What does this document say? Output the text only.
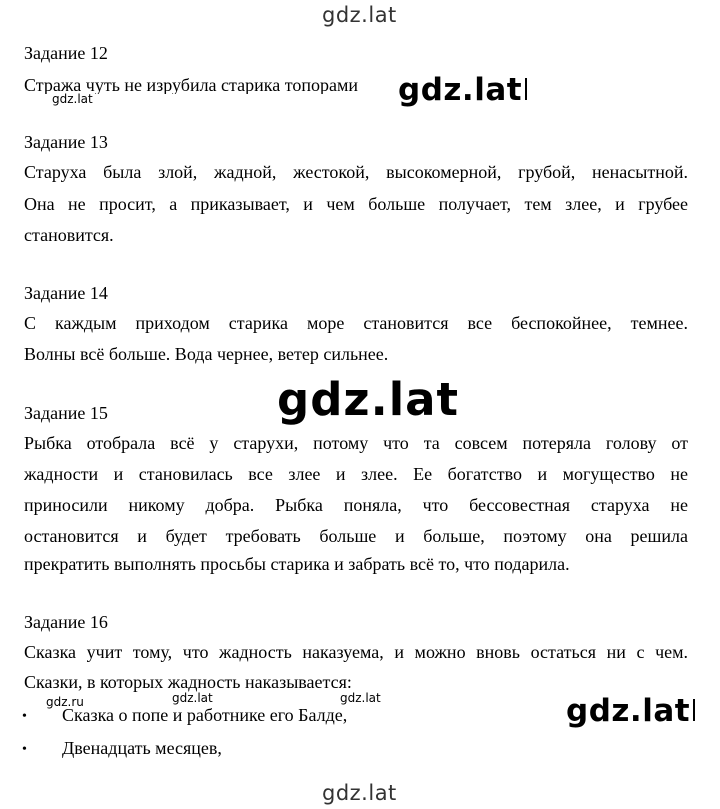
gdz.lat
Задание 12
Стража чуть не изрубила старика топорами
gdz.lat	gdz.lat
Задание 13
Старуха была злой, жадной, жестокой, высокомерной, грубой, ненасытной.
Она не просит, а приказывает, и чем больше получает, тем злее, и грубее
становится.
Задание 14
С каждым приходом старика море становится все беспокойнее, темнее.
Волны всё больше. Вода чернее, ветер сильнее.
gdz.lat
Задание 15
Рыбка отобрала всё у старухи, потому что та совсем потеряла голову от
жадности и становилась все злее и злее. Ее богатство и могущество не
приносили никому добра. Рыбка поняла, что бессовестная старуха не
остановится и будет требовать больше и больше, поэтому она решила
прекратить выполнять просьбы старика и забрать всё то, что подарила.
Задание 16
Сказка учит тому, что жадность наказуема, и можно вновь остаться ни с чем.
Сказки, в которых жадность наказывается:
gdz.lat	gdz.lat
gdz.ru
• Сказка о попе и работнике его Балде,
• Двенадцать месяцев,
gdz.lat
gdz.lat
